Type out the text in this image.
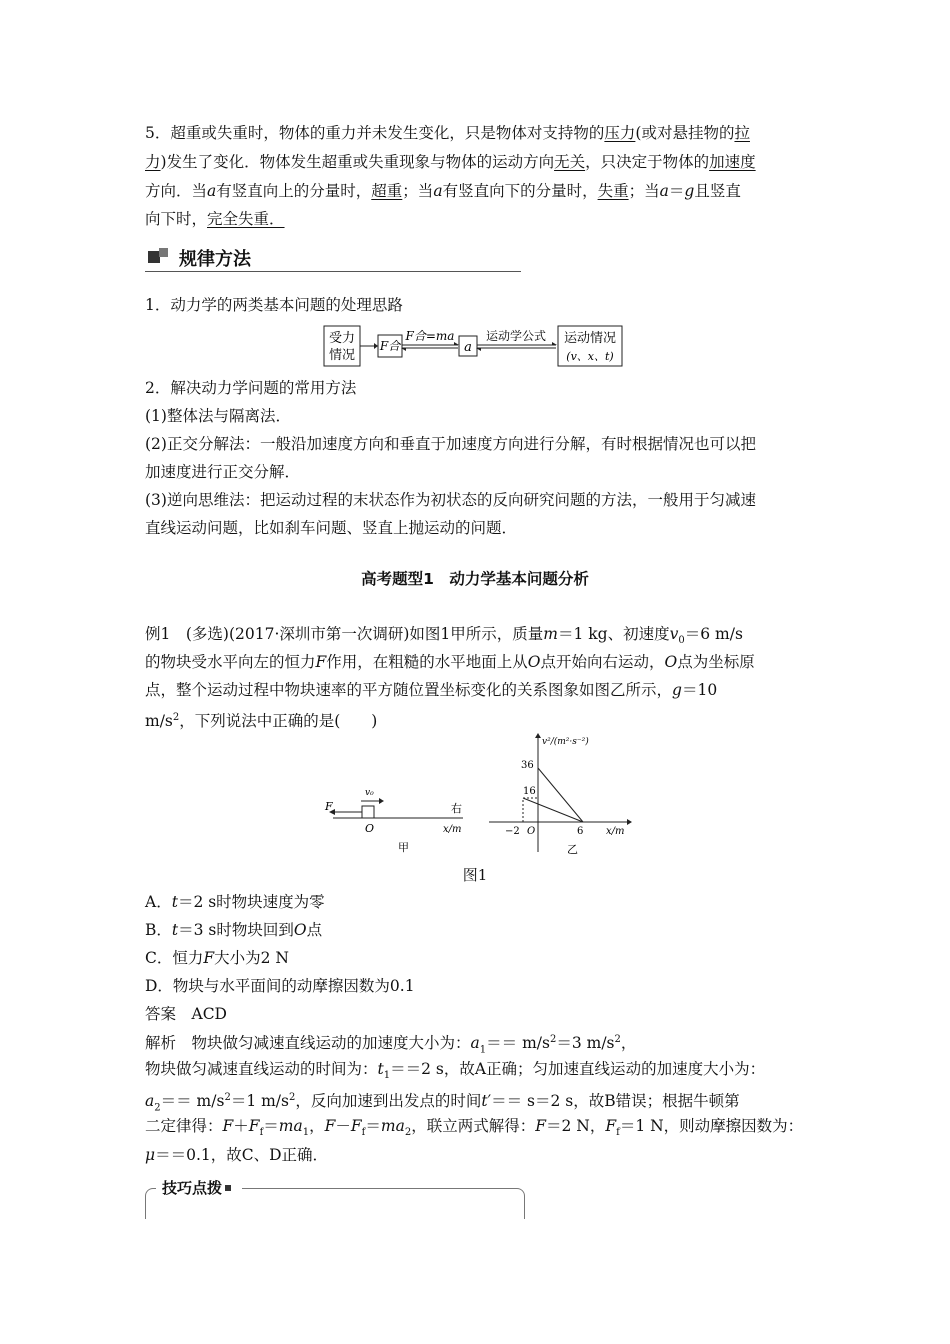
5．超重或失重时，物体的重力并未发生变化，只是物体对支持物的压力(或对悬挂物的拉
力)发生了变化．物体发生超重或失重现象与物体的运动方向无关，只决定于物体的加速度
方向．当a有竖直向上的分量时，超重；当a有竖直向下的分量时，失重；当a＝g且竖直
向下时，完全失重．
规律方法
1．动力学的两类基本问题的处理思路
受力
情况
F合
F合=ma
a
运动学公式 运动情况
(v、x、t)
2．解决动力学问题的常用方法
(1)整体法与隔离法．
(2)正交分解法：一般沿加速度方向和垂直于加速度方向进行分解，有时根据情况也可以把
加速度进行正交分解．
(3)逆向思维法：把运动过程的末状态作为初状态的反向研究问题的方法，一般用于匀减速
直线运动问题，比如刹车问题、竖直上抛运动的问题．
高考题型1　动力学基本问题分析
例1　(多选)(2017·深圳市第一次调研)如图1甲所示，质量m＝1 kg、初速度$v_0=6$ m/s
的物块受水平向左的恒力F作用，在粗糙的水平地面上从O点开始向右运动，O点为坐标原
点，整个运动过程中物块速率的平方随位置坐标变化的关系图象如图乙所示，g＝10
$m/s^2$，下列说法中正确的是(　　)
F
v₀
O
右
x/m
甲
v²/(m²·s⁻²)
36
16
−2 O	6 x/m
乙
图1
A．t＝2 s时物块速度为零
B．t＝3 s时物块回到O点
C．恒力F大小为2 N
D．物块与水平面间的动摩擦因数为0.1
答案　ACD
解析　物块做匀减速直线运动的加速度大小为：$a_1== m/s^2=3$ $m/s^2$，
物块做匀减速直线运动的时间为：$t_1==2$ s，故A正确；匀加速直线运动的加速度大小为：
$a_2== m/s^2=1$ $m/s^2$，反向加速到出发点的时间t′＝＝ s＝2 s，故B错误；根据牛顿第
二定律得：$F+F_f=ma_1$，$F-F_f=ma_2$，联立两式解得：F＝2 N，$F_f=1$ N，则动摩擦因数为：
μ＝＝0.1，故C、D正确．
技巧点拨
